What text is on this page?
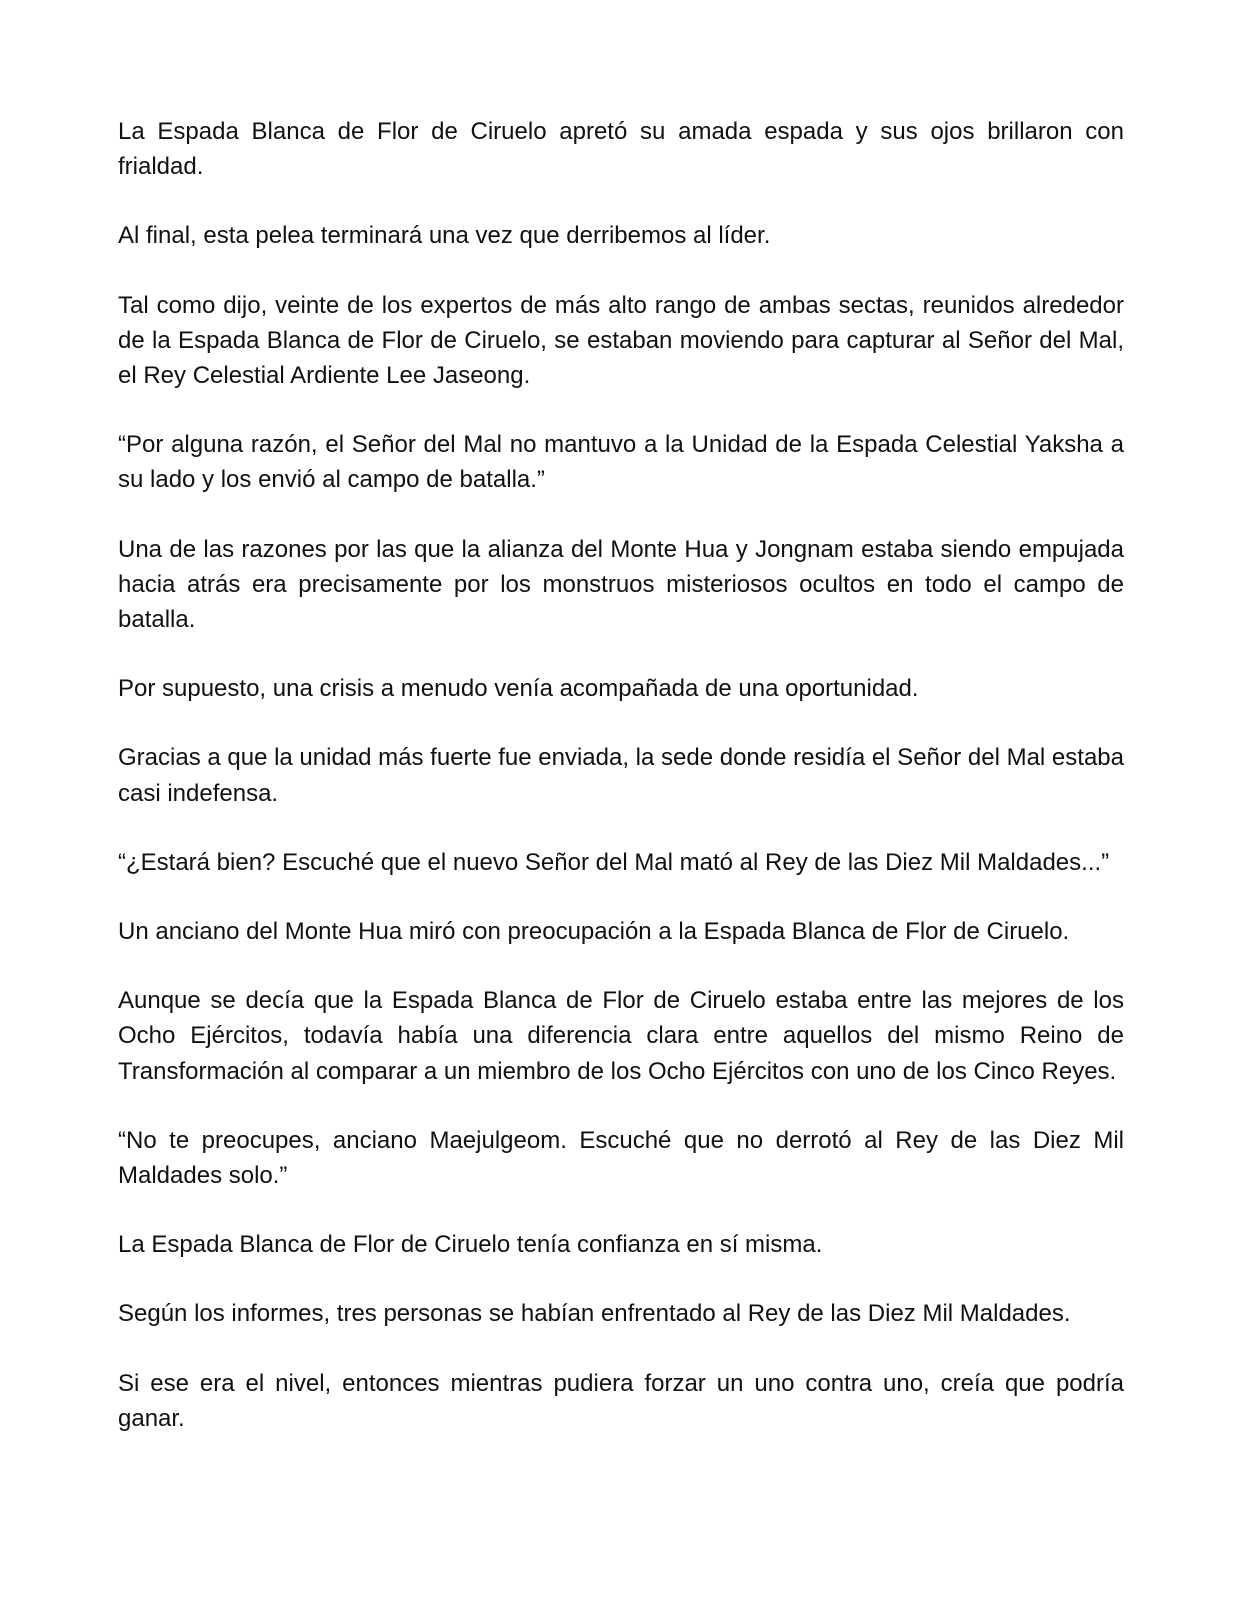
La Espada Blanca de Flor de Ciruelo apretó su amada espada y sus ojos brillaron con frialdad.

Al final, esta pelea terminará una vez que derribemos al líder.

Tal como dijo, veinte de los expertos de más alto rango de ambas sectas, reunidos alrededor de la Espada Blanca de Flor de Ciruelo, se estaban moviendo para capturar al Señor del Mal, el Rey Celestial Ardiente Lee Jaseong.

“Por alguna razón, el Señor del Mal no mantuvo a la Unidad de la Espada Celestial Yaksha a su lado y los envió al campo de batalla.”

Una de las razones por las que la alianza del Monte Hua y Jongnam estaba siendo empujada hacia atrás era precisamente por los monstruos misteriosos ocultos en todo el campo de batalla.

Por supuesto, una crisis a menudo venía acompañada de una oportunidad.

Gracias a que la unidad más fuerte fue enviada, la sede donde residía el Señor del Mal estaba casi indefensa.

“¿Estará bien? Escuché que el nuevo Señor del Mal mató al Rey de las Diez Mil Maldades...”

Un anciano del Monte Hua miró con preocupación a la Espada Blanca de Flor de Ciruelo.

Aunque se decía que la Espada Blanca de Flor de Ciruelo estaba entre las mejores de los Ocho Ejércitos, todavía había una diferencia clara entre aquellos del mismo Reino de Transformación al comparar a un miembro de los Ocho Ejércitos con uno de los Cinco Reyes.

“No te preocupes, anciano Maejulgeom. Escuché que no derrotó al Rey de las Diez Mil Maldades solo.”

La Espada Blanca de Flor de Ciruelo tenía confianza en sí misma.

Según los informes, tres personas se habían enfrentado al Rey de las Diez Mil Maldades.

Si ese era el nivel, entonces mientras pudiera forzar un uno contra uno, creía que podría ganar.
